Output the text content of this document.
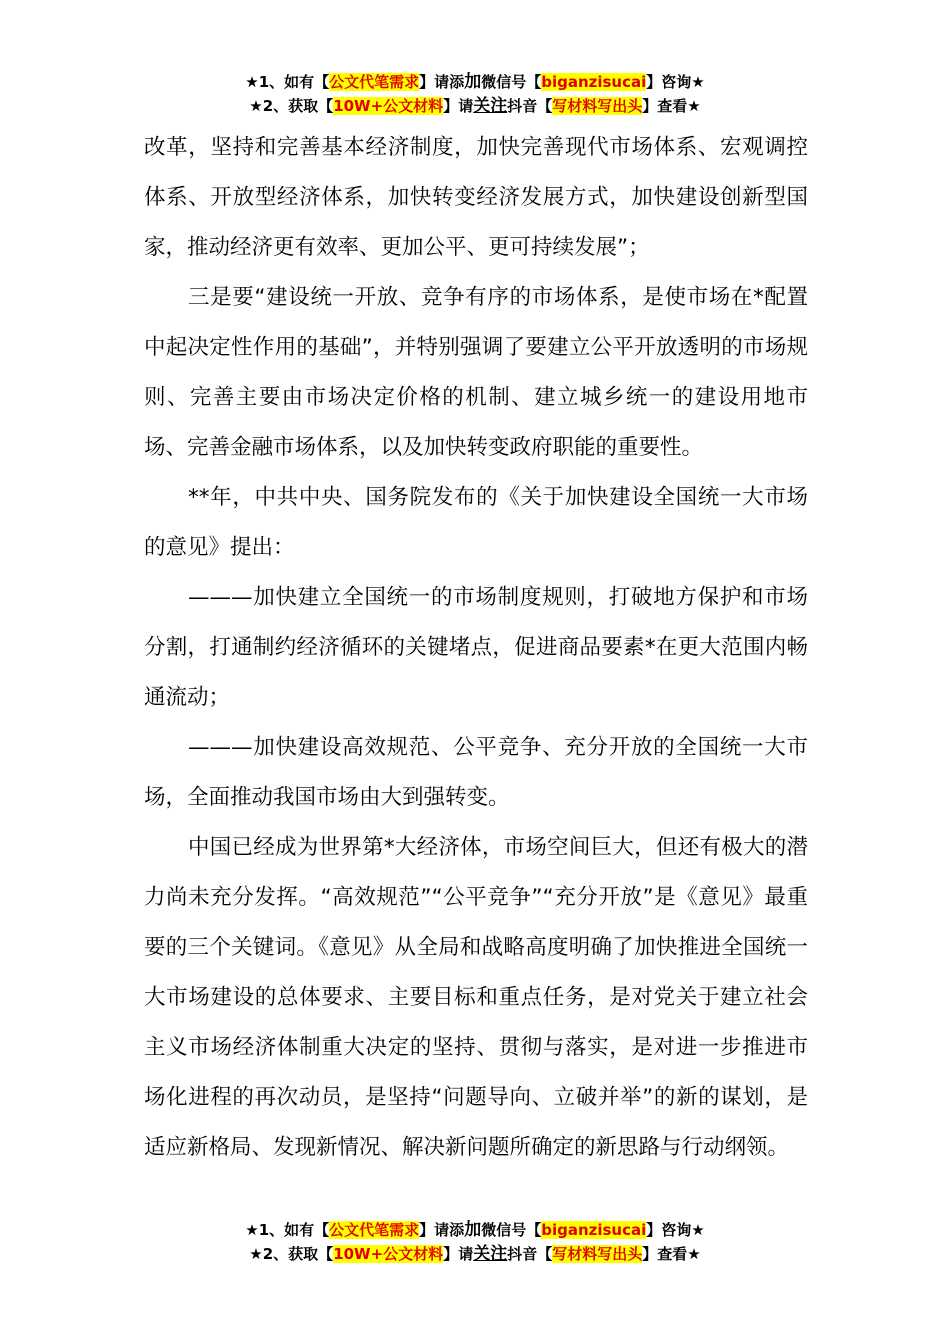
★1、如有【公文代笔需求】请添加微信号【biganzisucai】咨询★
★2、获取【10W+公文材料】请关注抖音【写材料写出头】查看★

改革，坚持和完善基本经济制度，加快完善现代市场体系、宏观调控体系、开放型经济体系，加快转变经济发展方式，加快建设创新型国家，推动经济更有效率、更加公平、更可持续发展”；

三是要“建设统一开放、竞争有序的市场体系，是使市场在*配置中起决定性作用的基础”，并特别强调了要建立公平开放透明的市场规则、完善主要由市场决定价格的机制、建立城乡统一的建设用地市场、完善金融市场体系，以及加快转变政府职能的重要性。

**年，中共中央、国务院发布的《关于加快建设全国统一大市场的意见》提出：

———加快建立全国统一的市场制度规则，打破地方保护和市场分割，打通制约经济循环的关键堵点，促进商品要素*在更大范围内畅通流动；

———加快建设高效规范、公平竞争、充分开放的全国统一大市场，全面推动我国市场由大到强转变。

中国已经成为世界第*大经济体，市场空间巨大，但还有极大的潜力尚未充分发挥。“高效规范”“公平竞争”“充分开放”是《意见》最重要的三个关键词。《意见》从全局和战略高度明确了加快推进全国统一大市场建设的总体要求、主要目标和重点任务，是对党关于建立社会主义市场经济体制重大决定的坚持、贯彻与落实，是对进一步推进市场化进程的再次动员，是坚持“问题导向、立破并举”的新的谋划，是适应新格局、发现新情况、解决新问题所确定的新思路与行动纲领。

★1、如有【公文代笔需求】请添加微信号【biganzisucai】咨询★
★2、获取【10W+公文材料】请关注抖音【写材料写出头】查看★
